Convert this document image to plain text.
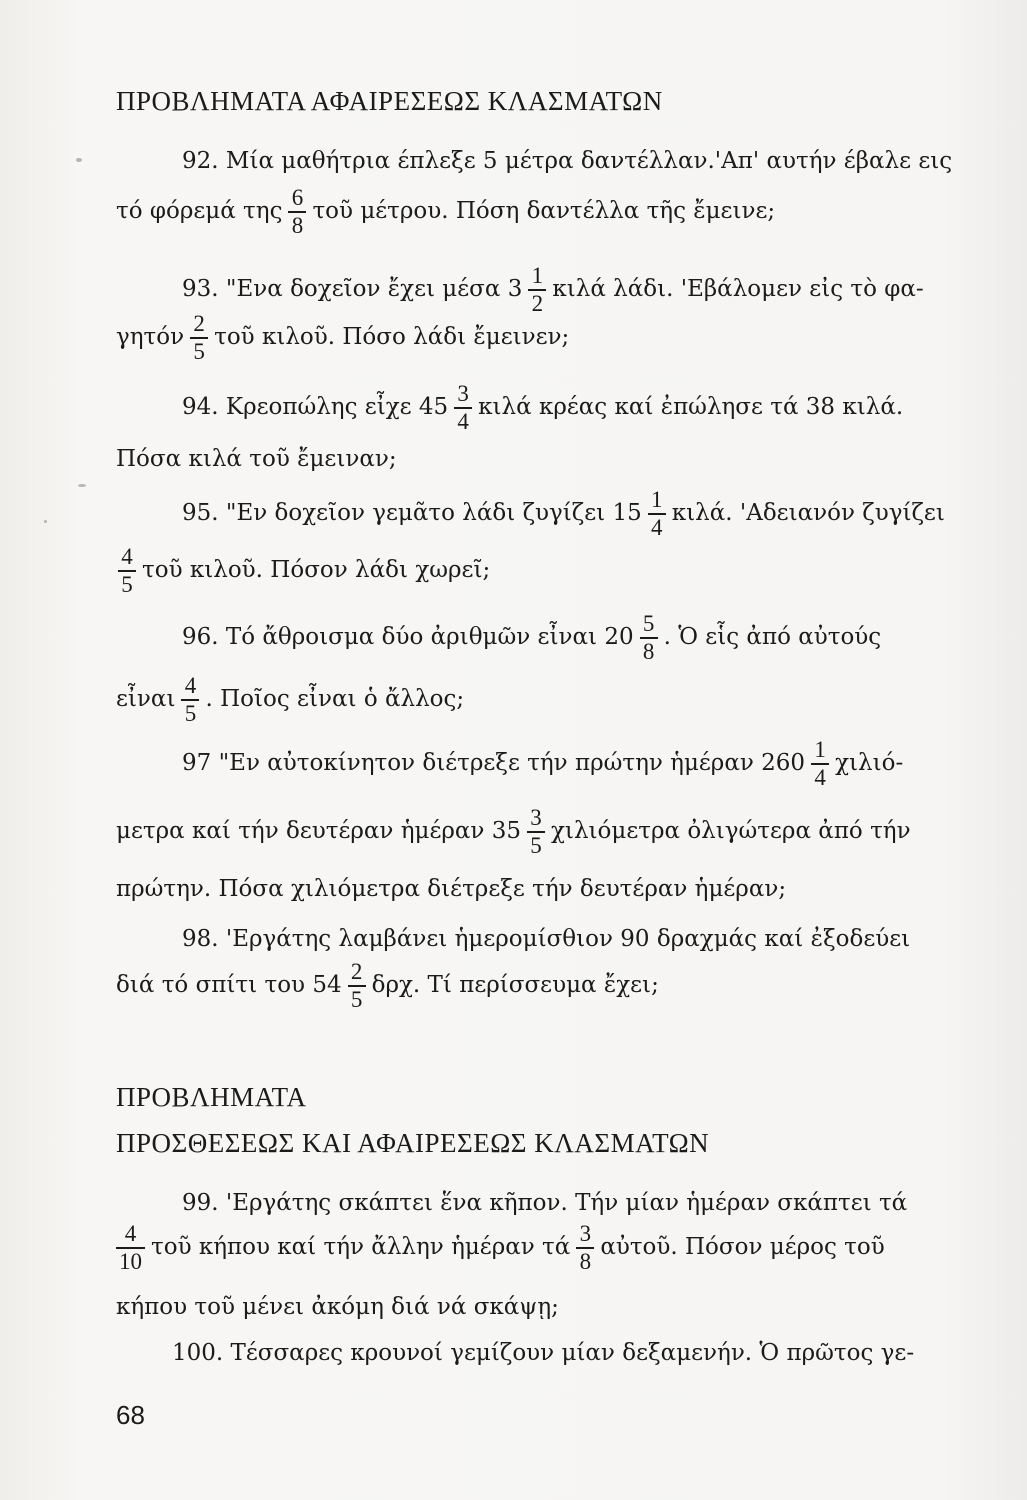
ΠΡΟΒΛΗΜΑΤΑ ΑΦΑΙΡΕΣΕΩΣ ΚΛΑΣΜΑΤΩΝ
92. Μία μαθήτρια έπλεξε 5 μέτρα δαντέλλαν.'Απ' αυτήν έβαλε εις
τό φόρεμά της $\frac{6}{8}$ τοῦ μέτρου. Πόση δαντέλλα τῆς ἔμεινε;
93. "Ενα δοχεῖον ἔχει μέσα $3 \frac{1}{2}$ κιλά λάδι. 'Εβάλομεν εἰς τὸ φα-
γητόν $\frac{2}{5}$ τοῦ κιλοῦ. Πόσο λάδι ἔμεινεν;
94. Κρεοπώλης εἶχε $45 \frac{3}{4}$ κιλά κρέας καί ἐπώλησε τά 38 κιλά.
Πόσα κιλά τοῦ ἔμειναν;
95. "Εν δοχεῖον γεμᾶτο λάδι ζυγίζει $15 \frac{1}{4} \kappa\iota\lambda ά$. 'Αδειανόν ζυγίζει
$\frac{4}{5}$ τοῦ κιλοῦ. Πόσον λάδι χωρεῖ;
96. Τό ἄθροισμα δύο ἀριθμῶν εἶναι $20 \frac{5}{8}$ . Ὁ εἷς ἀπό αὐτούς
εἶναι $\frac{4}{5}$ . Ποῖος εἶναι ὁ ἄλλος;
97 "Εν αὐτοκίνητον διέτρεξε τήν πρώτην ἡμέραν $260 \frac{1}{4} \chi\iota\lambda\iota ό-$
μετρα καί τήν δευτέραν ἡμέραν $35 \frac{3}{5}$ χιλιόμετρα ὀλιγώτερα ἀπό τήν
πρώτην. Πόσα χιλιόμετρα διέτρεξε τήν δευτέραν ἡμέραν;
98. 'Εργάτης λαμβάνει ἡμερομίσθιον 90 δραχμάς καί ἐξοδεύει
διά τό σπίτι του $54 \frac{2}{5} \delta\rho\chi$. Τί περίσσευμα ἔχει;
ΠΡΟΒΛΗΜΑΤΑ
ΠΡΟΣΘΕΣΕΩΣ ΚΑΙ ΑΦΑΙΡΕΣΕΩΣ ΚΛΑΣΜΑΤΩΝ
99. 'Εργάτης σκάπτει ἕνα κῆπον. Τήν μίαν ἡμέραν σκάπτει τά
$\frac{4}{10}$ τοῦ κήπου καί τήν ἄλλην ἡμέραν τά $\frac{3}{8}$ αὐτοῦ. Πόσον μέρος τοῦ
κήπου τοῦ μένει ἀκόμη διά νά σκάψῃ;
100. Τέσσαρες κρουνοί γεμίζουν μίαν δεξαμενήν. Ὁ πρῶτος γε-
68
